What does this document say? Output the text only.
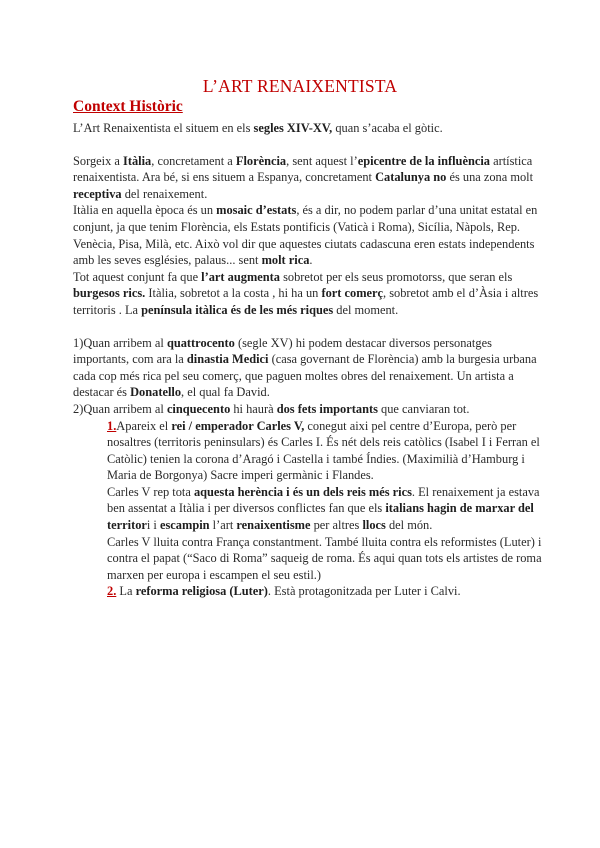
L’ART RENAIXENTISTA
Context Històric

L’Art Renaixentista el situem en els segles XIV-XV, quan s’acaba el gòtic.

Sorgeix a Itàlia, concretament a Florència, sent aquest l’epicentre de la influència artística renaixentista. Ara bé, si ens situem a Espanya, concretament Catalunya no és una zona molt receptiva del renaixement.

Itàlia en aquella època és un mosaic d’estats, és a dir, no podem parlar d’una unitat estatal en conjunt, ja que tenim Florència, els Estats pontificis (Vaticà i Roma), Sicília, Nàpols, Rep. Venècia, Pisa, Milà, etc. Això vol dir que aquestes ciutats cadascuna eren estats independents amb les seves esglésies, palaus... sent molt rica.

Tot aquest conjunt fa que l’art augmenta sobretot per els seus promotorss, que seran els burgesos rics. Itàlia, sobretot a la costa , hi ha un fort comerç, sobretot amb el d’Àsia i altres territoris . La península itàlica és de les més riques del moment.

1)Quan arribem al quattrocento (segle XV) hi podem destacar diversos personatges importants, com ara la dinastia Medici (casa governant de Florència) amb la burgesia urbana cada cop més rica pel seu comerç, que paguen moltes obres del renaixement. Un artista a destacar és Donatello, el qual fa David.

2)Quan arribem al cinquecento hi haurà dos fets importants que canviaran tot.

1.Apareix el rei / emperador Carles V, conegut aixi pel centre d’Europa, però per nosaltres (territoris peninsulars) és Carles I. És nét dels reis catòlics (Isabel I i Ferran el Catòlic) tenien la corona d’Aragó i Castella i també Índies. (Maximilià d’Hamburg i Maria de Borgonya) Sacre imperi germànic i Flandes.

Carles V rep tota aquesta herència i és un dels reis més rics. El renaixement ja estava ben assentat a Itàlia i per diversos conflictes fan que els italians hagin de marxar del territori i escampin l’art renaixentisme per altres llocs del món.

Carles V lluita contra França constantment. També lluita contra els reformistes (Luter) i contra el papat (“Saco di Roma” saqueig de roma. És aqui quan tots els artistes de roma marxen per europa i escampen el seu estil.)

2. La reforma religiosa (Luter). Està protagonitzada per Luter i Calvi.
